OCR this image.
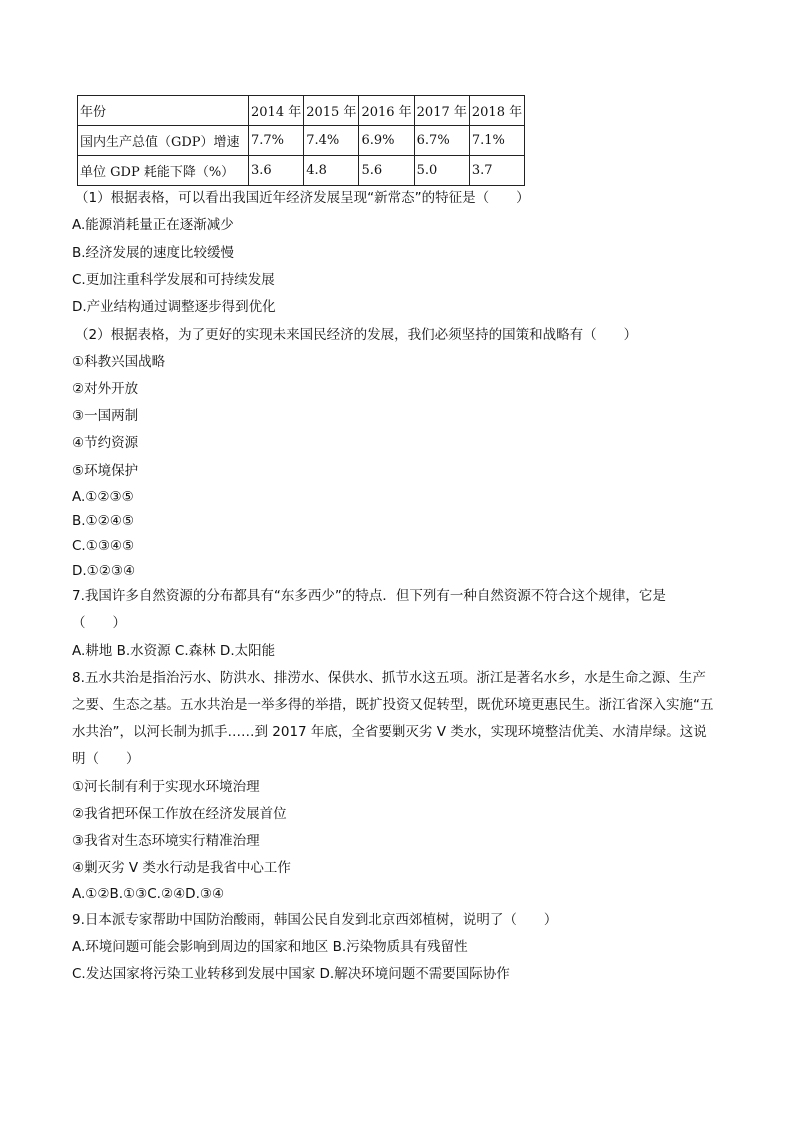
年份	2014 年	2015 年	2016 年	2017 年	2018 年
国内生产总值（GDP）增速	7.7%	7.4%	6.9%	6.7%	7.1%
单位 GDP 耗能下降（%）	3.6	4.8	5.6	5.0	3.7
（1）根据表格，可以看出我国近年经济发展呈现“新常态”的特征是（　　）
A.能源消耗量正在逐渐减少
B.经济发展的速度比较缓慢
C.更加注重科学发展和可持续发展
D.产业结构通过调整逐步得到优化
（2）根据表格，为了更好的实现未来国民经济的发展，我们必须坚持的国策和战略有（　　）
①科教兴国战略
②对外开放
③一国两制
④节约资源
⑤环境保护
A.①②③⑤
B.①②④⑤
C.①③④⑤
D.①②③④
7.我国许多自然资源的分布都具有“东多西少”的特点．但下列有一种自然资源不符合这个规律，它是
（　　）
A.耕地 B.水资源 C.森林 D.太阳能
8.五水共治是指治污水、防洪水、排涝水、保供水、抓节水这五项。浙江是著名水乡，水是生命之源、生产
之要、生态之基。五水共治是一举多得的举措，既扩投资又促转型，既优环境更惠民生。浙江省深入实施“五
水共治”，以河长制为抓手……到 2017 年底，全省要剿灭劣 V 类水，实现环境整洁优美、水清岸绿。这说
明（　　）
①河长制有利于实现水环境治理
②我省把环保工作放在经济发展首位
③我省对生态环境实行精准治理
④剿灭劣 V 类水行动是我省中心工作
A.①②B.①③C.②④D.③④
9.日本派专家帮助中国防治酸雨，韩国公民自发到北京西郊植树，说明了（　　）
A.环境问题可能会影响到周边的国家和地区 B.污染物质具有残留性
C.发达国家将污染工业转移到发展中国家 D.解决环境问题不需要国际协作
